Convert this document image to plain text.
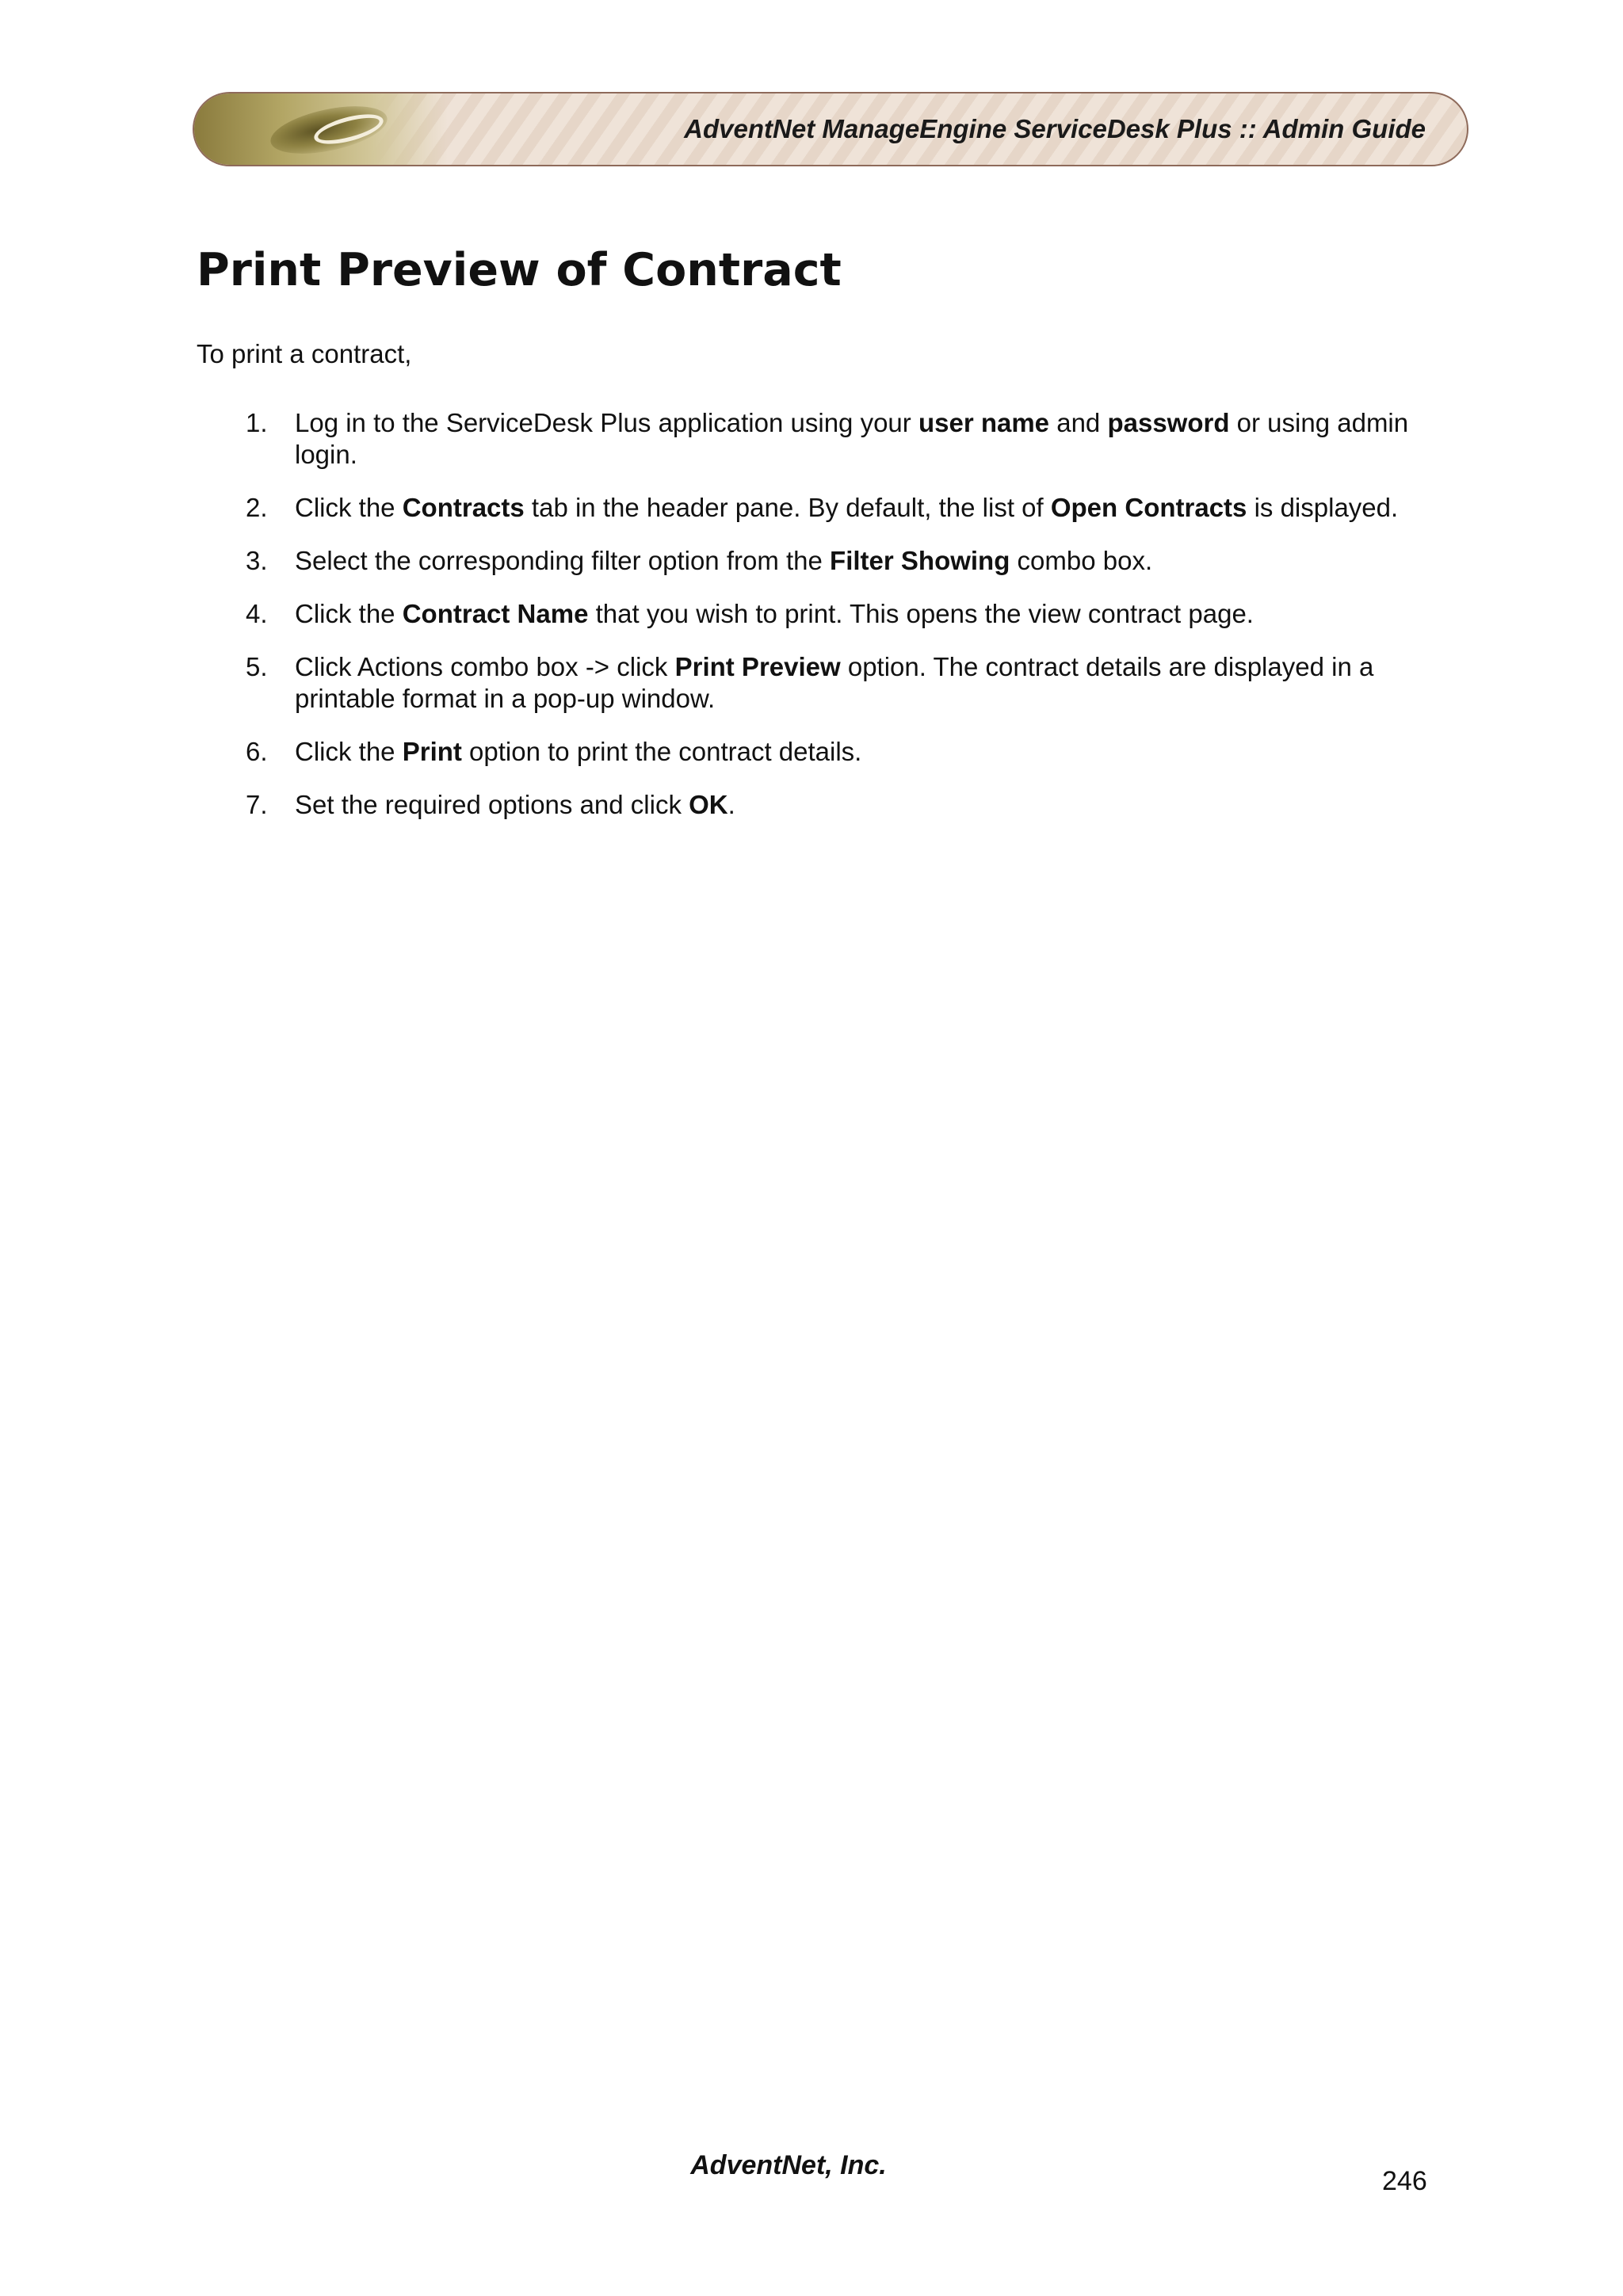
AdventNet ManageEngine ServiceDesk Plus :: Admin Guide
Print Preview of Contract

To print a contract,

1. Log in to the ServiceDesk Plus application using your user name and password or using admin login.
2. Click the Contracts tab in the header pane. By default, the list of Open Contracts is displayed.
3. Select the corresponding filter option from the Filter Showing combo box.
4. Click the Contract Name that you wish to print. This opens the view contract page.
5. Click Actions combo box -> click Print Preview option. The contract details are displayed in a printable format in a pop-up window.
6. Click the Print option to print the contract details.
7. Set the required options and click OK.
AdventNet, Inc.
246
